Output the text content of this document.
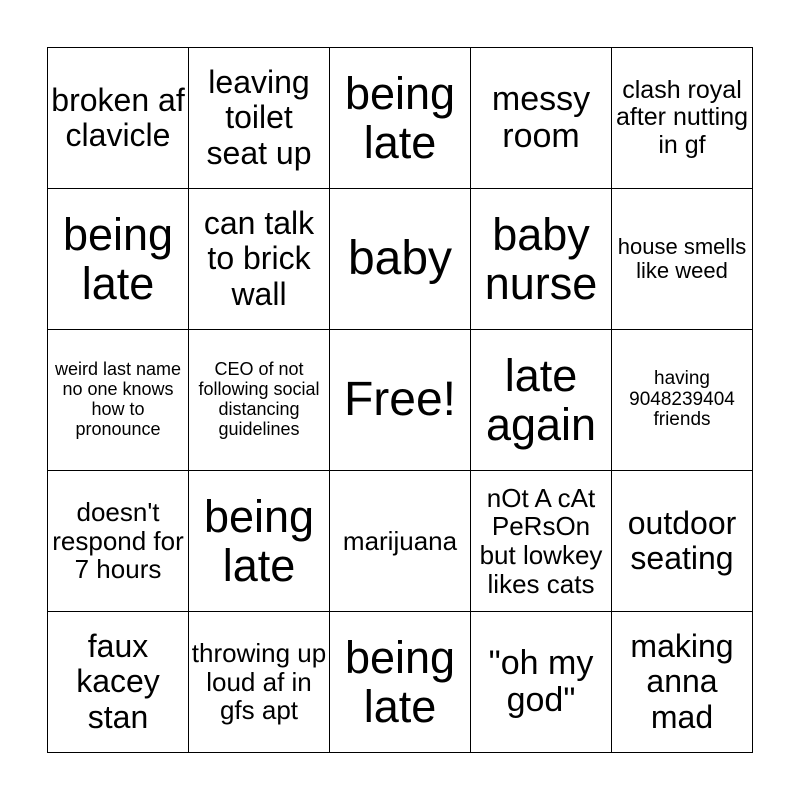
broken af clavicle
leaving toilet seat up
being late
messy room
clash royal after nutting in gf
being late
can talk to brick wall
baby baby nurse
house smells like weed
weird last name no one knows how to pronounce
CEO of not following social distancing guidelines
Free!	late again
having 9048239404 friends
doesn't respond for 7 hours
being late	marijuana
nOt A cAt PeRsOn but lowkey likes cats
outdoor seating
faux kacey stan
throwing up loud af in gfs apt
being late
"oh my god"
making anna mad
